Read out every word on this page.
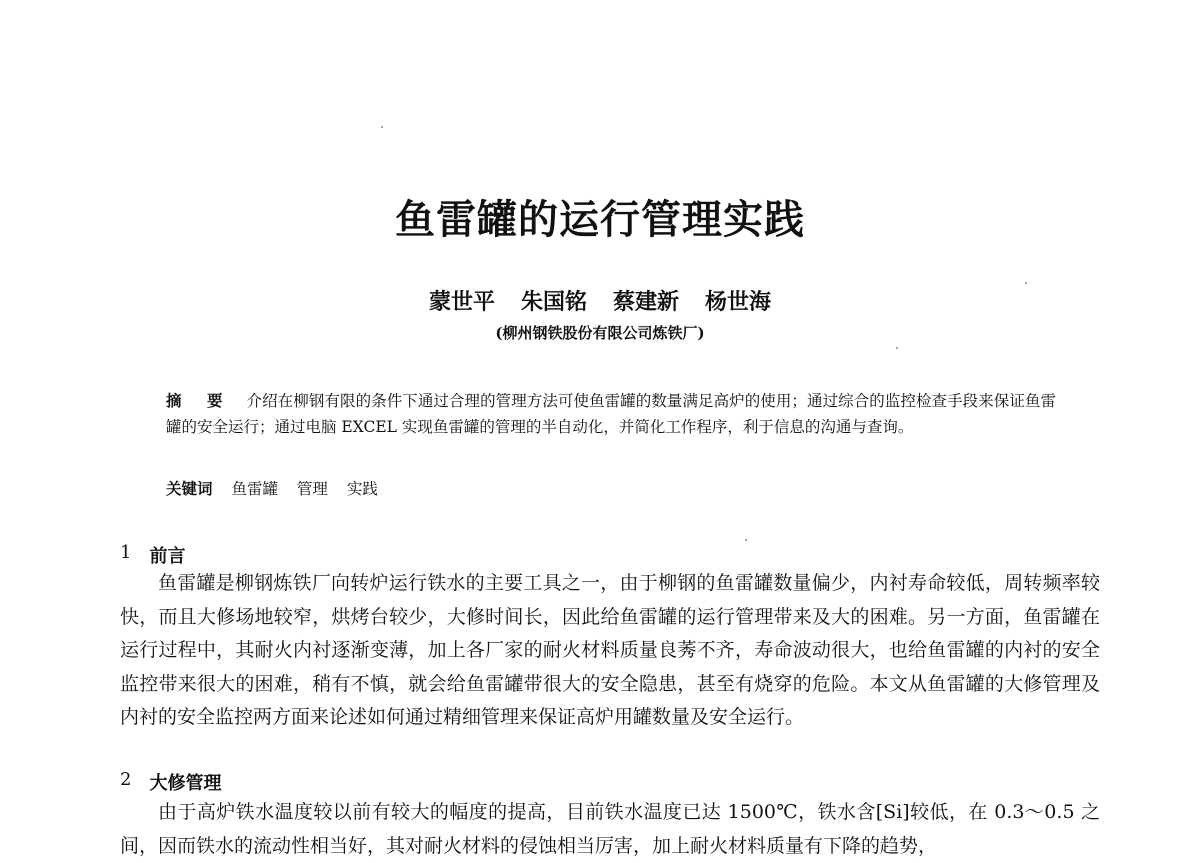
鱼雷罐的运行管理实践
蒙世平 朱国铭 蔡建新 杨世海
(柳州钢铁股份有限公司炼铁厂)
摘 要 介绍在柳钢有限的条件下通过合理的管理方法可使鱼雷罐的数量满足高炉的使用；通过综合的监控检查手段来保证鱼雷罐的安全运行；通过电脑 EXCEL 实现鱼雷罐的管理的半自动化，并简化工作程序，利于信息的沟通与查询。
关键词 鱼雷罐 管理 实践
1 前言
鱼雷罐是柳钢炼铁厂向转炉运行铁水的主要工具之一，由于柳钢的鱼雷罐数量偏少，内衬寿命较低，周转频率较快，而且大修场地较窄，烘烤台较少，大修时间长，因此给鱼雷罐的运行管理带来及大的困难。另一方面，鱼雷罐在运行过程中，其耐火内衬逐渐变薄，加上各厂家的耐火材料质量良莠不齐，寿命波动很大，也给鱼雷罐的内衬的安全监控带来很大的困难，稍有不慎，就会给鱼雷罐带很大的安全隐患，甚至有烧穿的危险。本文从鱼雷罐的大修管理及内衬的安全监控两方面来论述如何通过精细管理来保证高炉用罐数量及安全运行。
2 大修管理
由于高炉铁水温度较以前有较大的幅度的提高，目前铁水温度已达 1500℃，铁水含[Si]较低，在 0.3～0.5 之间，因而铁水的流动性相当好，其对耐火材料的侵蚀相当厉害，加上耐火材料质量有下降的趋势，
